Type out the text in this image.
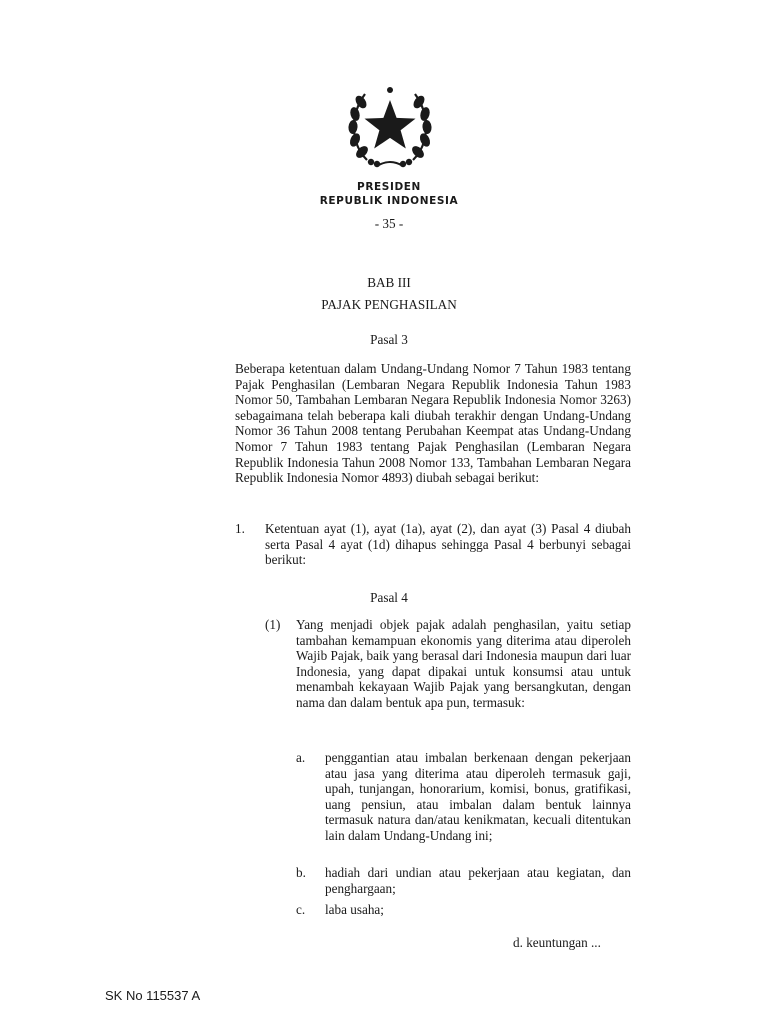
PRESIDEN
REPUBLIK INDONESIA
- 35 -
BAB III
PAJAK PENGHASILAN
Pasal 3
Beberapa ketentuan dalam Undang-Undang Nomor 7 Tahun 1983 tentang Pajak Penghasilan (Lembaran Negara Republik Indonesia Tahun 1983 Nomor 50, Tambahan Lembaran Negara Republik Indonesia Nomor 3263) sebagaimana telah beberapa kali diubah terakhir dengan Undang-Undang Nomor 36 Tahun 2008 tentang Perubahan Keempat atas Undang-Undang Nomor 7 Tahun 1983 tentang Pajak Penghasilan (Lembaran Negara Republik Indonesia Tahun 2008 Nomor 133, Tambahan Lembaran Negara Republik Indonesia Nomor 4893) diubah sebagai berikut:
1. Ketentuan ayat (1), ayat (1a), ayat (2), dan ayat (3) Pasal 4 diubah serta Pasal 4 ayat (1d) dihapus sehingga Pasal 4 berbunyi sebagai berikut:
Pasal 4
(1) Yang menjadi objek pajak adalah penghasilan, yaitu setiap tambahan kemampuan ekonomis yang diterima atau diperoleh Wajib Pajak, baik yang berasal dari Indonesia maupun dari luar Indonesia, yang dapat dipakai untuk konsumsi atau untuk menambah kekayaan Wajib Pajak yang bersangkutan, dengan nama dan dalam bentuk apa pun, termasuk:
a. penggantian atau imbalan berkenaan dengan pekerjaan atau jasa yang diterima atau diperoleh termasuk gaji, upah, tunjangan, honorarium, komisi, bonus, gratifikasi, uang pensiun, atau imbalan dalam bentuk lainnya termasuk natura dan/atau kenikmatan, kecuali ditentukan lain dalam Undang-Undang ini;
b. hadiah dari undian atau pekerjaan atau kegiatan, dan penghargaan;
c. laba usaha;
d. keuntungan ...
SK No 115537 A
